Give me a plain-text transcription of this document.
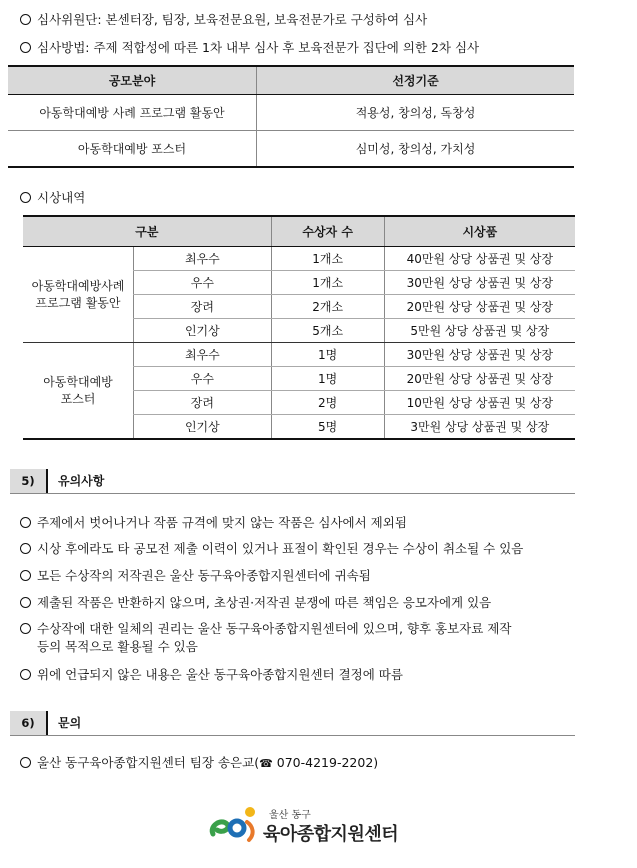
심사위원단: 본센터장, 팀장, 보육전문요원, 보육전문가로 구성하여 심사
심사방법: 주제 적합성에 따른 1차 내부 심사 후 보육전문가 집단에 의한 2차 심사
공모분야	선정기준
아동학대예방 사례 프로그램 활동안	적용성, 창의성, 독창성
아동학대예방 포스터	심미성, 창의성, 가치성
시상내역
구분		수상자 수	시상품
아동학대예방사례
프로그램 활동안	최우수	1개소	40만원 상당 상품권 및 상장
	우수	1개소	30만원 상당 상품권 및 상장
	장려	2개소	20만원 상당 상품권 및 상장
	인기상	5개소	5만원 상당 상품권 및 상장
아동학대예방
포스터	최우수	1명	30만원 상당 상품권 및 상장
	우수	1명	20만원 상당 상품권 및 상장
	장려	2명	10만원 상당 상품권 및 상장
	인기상	5명	3만원 상당 상품권 및 상장
5)	유의사항
주제에서 벗어나거나 작품 규격에 맞지 않는 작품은 심사에서 제외됨
시상 후에라도 타 공모전 제출 이력이 있거나 표절이 확인된 경우는 수상이 취소될 수 있음
모든 수상작의 저작권은 울산 동구육아종합지원센터에 귀속됨
제출된 작품은 반환하지 않으며, 초상권·저작권 분쟁에 따른 책임은 응모자에게 있음
수상작에 대한 일체의 권리는 울산 동구육아종합지원센터에 있으며, 향후 홍보자료 제작
등의 목적으로 활용될 수 있음
위에 언급되지 않은 내용은 울산 동구육아종합지원센터 결정에 따름
6)	문의
울산 동구육아종합지원센터 팀장 송은교(☎ 070-4219-2202)
울산 동구
육아종합지원센터
